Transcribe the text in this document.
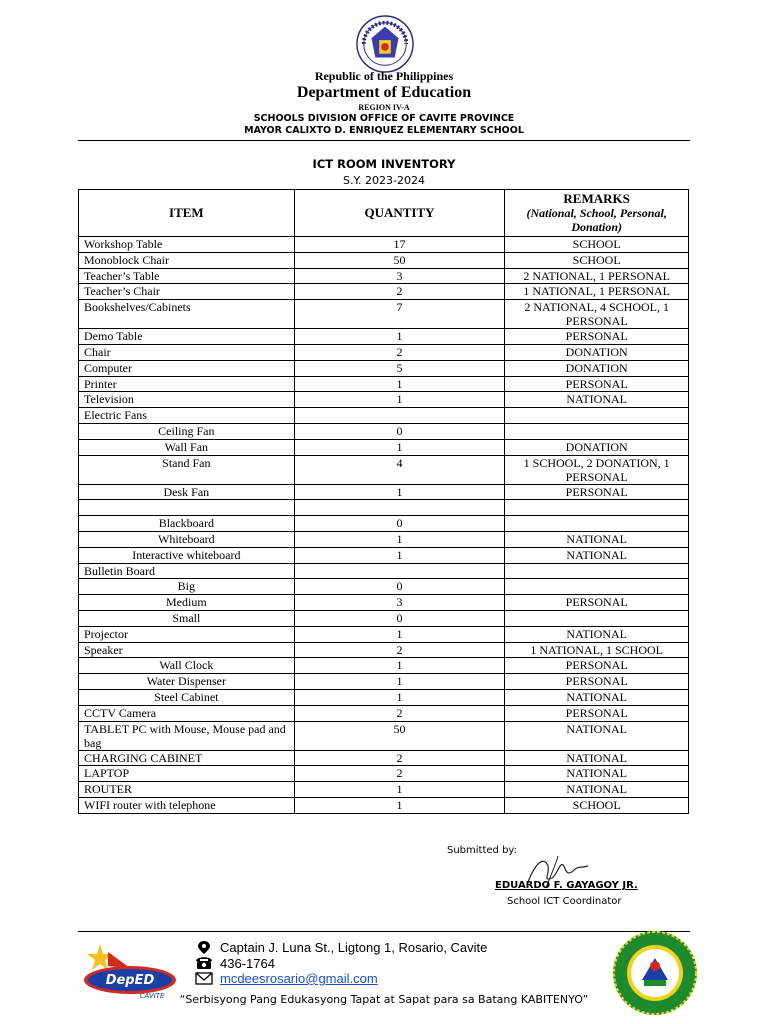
Republic of the Philippines
Department of Education
REGION IV-A
SCHOOLS DIVISION OFFICE OF CAVITE PROVINCE
MAYOR CALIXTO D. ENRIQUEZ ELEMENTARY SCHOOL
ICT ROOM INVENTORY
S.Y. 2023-2024
ITEM	QUANTITY	REMARKS
(National, School, Personal, Donation)

Workshop Table	17	SCHOOL
Monoblock Chair	50	SCHOOL
Teacher’s Table	3	2 NATIONAL, 1 PERSONAL
Teacher’s Chair	2	1 NATIONAL, 1 PERSONAL
Bookshelves/Cabinets	7	2 NATIONAL, 4 SCHOOL, 1 PERSONAL
Demo Table	1	PERSONAL
Chair	2	DONATION
Computer	5	DONATION
Printer	1	PERSONAL
Television	1	NATIONAL
Electric Fans		
Ceiling Fan	0	
Wall Fan	1	DONATION
Stand Fan	4	1 SCHOOL, 2 DONATION, 1 PERSONAL
Desk Fan	1	PERSONAL

Blackboard	0	
Whiteboard	1	NATIONAL
Interactive whiteboard	1	NATIONAL
Bulletin Board		
Big	0	
Medium	3	PERSONAL
Small	0	
Projector	1	NATIONAL
Speaker	2	1 NATIONAL, 1 SCHOOL
Wall Clock	1	PERSONAL
Water Dispenser	1	PERSONAL
Steel Cabinet	1	NATIONAL
CCTV Camera	2	PERSONAL
TABLET PC with Mouse, Mouse pad and bag	50	NATIONAL
CHARGING CABINET	2	NATIONAL
LAPTOP	2	NATIONAL
ROUTER	1	NATIONAL
WIFI router with telephone	1	SCHOOL
Submitted by:
EDUARDO F. GAYAGOY JR.
School ICT Coordinator
DepED
CAVITE
Captain J. Luna St., Ligtong 1, Rosario, Cavite
436-1764
mcdeesrosario@gmail.com
“Serbisyong Pang Edukasyong Tapat at Sapat para sa Batang KABITENYO”
